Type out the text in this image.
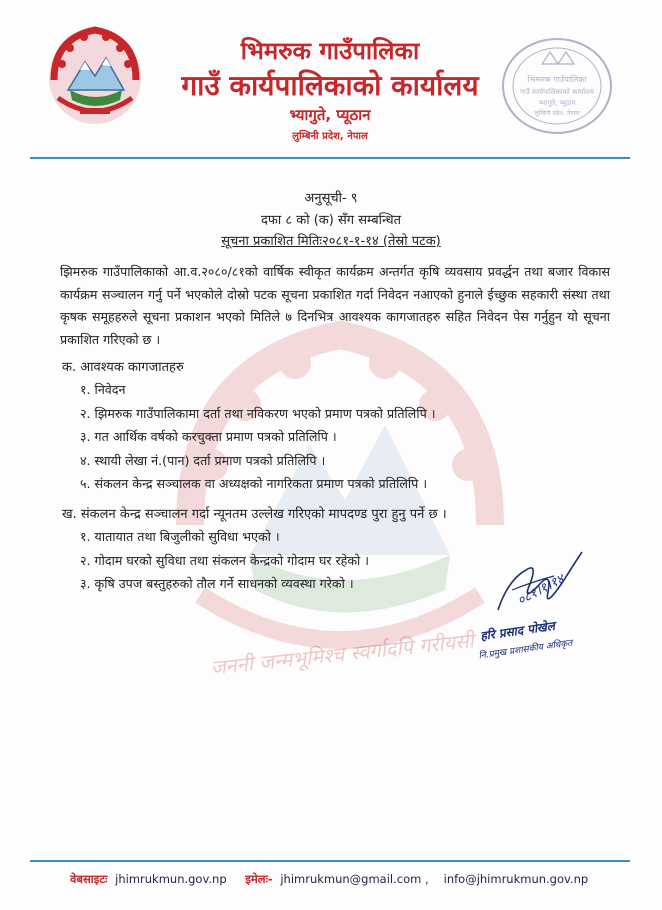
भिमरुक गाउँपालिका
गाउँ कार्यपालिकाको कार्यालय
भ्यागुते, प्यूठान
लुम्बिनी प्रदेश, नेपाल
भिमरुक गाउँपालिका
गाउँ कार्यपालिकाको कार्यालय
भ्यागुते, प्यूठान
लुम्बिनी प्रदेश, नेपाल
जननी जन्मभूमिश्च स्वर्गादपि गरीयसी
अनुसूची- ९
दफा ८ को (क) सँग सम्बन्धित
सूचना प्रकाशित मितिः२०८१-१-१४ (तेस्रो पटक)
झिमरुक गाउँपालिकाको आ.व.२०८०/८१को वार्षिक स्वीकृत कार्यक्रम अन्तर्गत कृषि व्यवसाय प्रवर्द्धन तथा बजार विकास कार्यक्रम सञ्चालन गर्नु पर्ने भएकोले दोस्रो पटक सूचना प्रकाशित गर्दा निवेदन नआएको हुनाले ईच्छुक सहकारी संस्था तथा कृषक समूहहरुले सूचना प्रकाशन भएको मितिले ७ दिनभित्र आवश्यक कागजातहरु सहित निवेदन पेस गर्नुहुन यो सूचना प्रकाशित गरिएको छ ।
क. आवश्यक कागजातहरु
१. निवेदन
२. झिमरुक गाउँपालिकामा दर्ता तथा नविकरण भएको प्रमाण पत्रको प्रतिलिपि ।
३. गत आर्थिक वर्षको करचुक्ता प्रमाण पत्रको प्रतिलिपि ।
४. स्थायी लेखा नं.(पान) दर्ता प्रमाण पत्रको प्रतिलिपि ।
५. संकलन केन्द्र सञ्चालक वा अध्यक्षको नागरिकता प्रमाण पत्रको प्रतिलिपि ।
ख. संकलन केन्द्र सञ्चालन गर्दा न्यूनतम उल्लेख गरिएको मापदण्ड पुरा हुनु पर्ने छ ।
१. यातायात तथा बिजुलीको सुविधा भएको ।
२. गोदाम घरको सुविधा तथा संकलन केन्द्रको गोदाम घर रहेको ।
३. कृषि उपज बस्तुहरुको तौल गर्ने साधनको व्यवस्था गरेको ।	०८१।१।१४
हरि प्रसाद पोखेल
नि.प्रमुख प्रशासकीय अधिकृत
वेबसाइटः jhimrukmun.gov.np इमेलः- jhimrukmun@gmail.com , info@jhimrukmun.gov.np
